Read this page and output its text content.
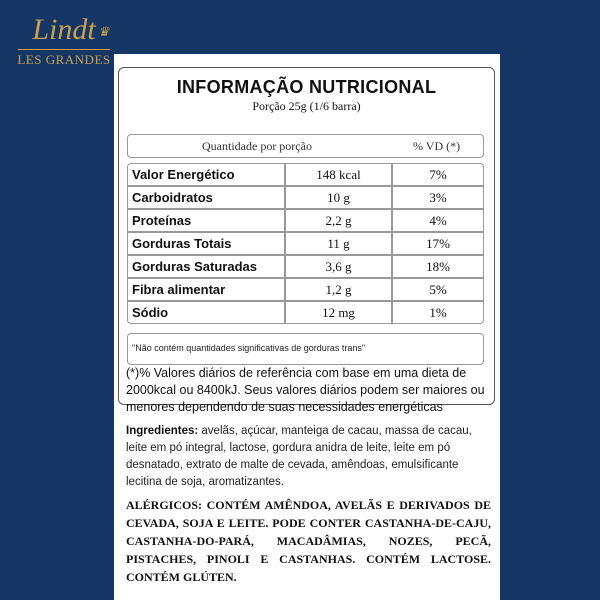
Lindt ♛
LES GRANDES
INFORMAÇÃO NUTRICIONAL
Porção 25g (1/6 barra)
Quantidade por porção	% VD (*)
Valor Energético	148 kcal	7%
Carboidratos	10 g	3%
Proteínas	2,2 g	4%
Gorduras Totais	11 g	17%
Gorduras Saturadas	3,6 g	18%
Fibra alimentar	1,2 g	5%
Sódio	12 mg	1%
"Não contém quantidades significativas de gorduras trans"
(*)% Valores diários de referência com base em uma dieta de 2000kcal ou 8400kJ. Seus valores diários podem ser maiores ou menores dependendo de suas necessidades energéticas
Ingredientes: avelãs, açúcar, manteiga de cacau, massa de cacau, leite em pó integral, lactose, gordura anidra de leite, leite em pó desnatado, extrato de malte de cevada, amêndoas, emulsificante lecitina de soja, aromatizantes.
ALÉRGICOS: CONTÉM AMÊNDOA, AVELÃS E DERIVADOS DE CEVADA, SOJA E LEITE. PODE CONTER CASTANHA-DE-CAJU, CASTANHA-DO-PARÁ, MACADÂMIAS, NOZES, PECÃ, PISTACHES, PINOLI E CASTANHAS. CONTÉM LACTOSE. CONTÉM GLÚTEN.
